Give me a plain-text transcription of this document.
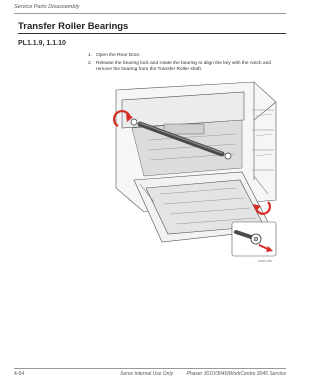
Service Parts Disassembly
Transfer Roller Bearings
PL1.1.9, 1.1.10
1. Open the Rear Door.
2. Release the bearing lock and rotate the bearing to align the key with the notch and remove the bearing from the Transfer Roller shaft.
s3045-065
4-54	Xerox Internal Use Only	Phaser 3010/3040/WorkCentre 3045 Service
